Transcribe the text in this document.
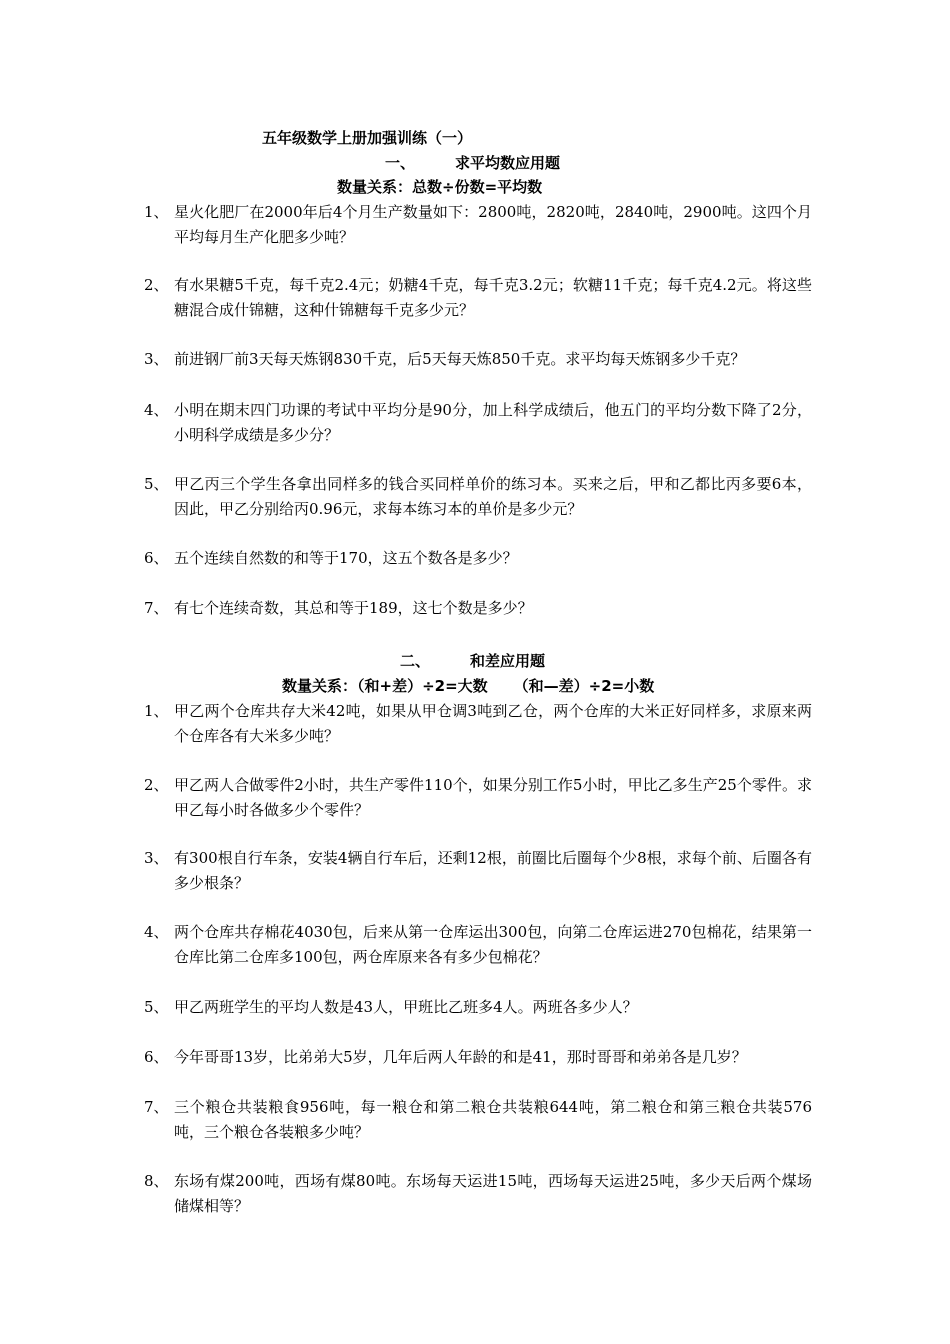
五年级数学上册加强训练（一）
一、	求平均数应用题
数量关系：总数÷份数=平均数
1、 星火化肥厂在2000年后4个月生产数量如下：2800吨，2820吨，2840吨，2900吨。这四个月平均每月生产化肥多少吨？
2、 有水果糖5千克，每千克2.4元；奶糖4千克，每千克3.2元；软糖11千克；每千克4.2元。将这些糖混合成什锦糖，这种什锦糖每千克多少元？
3、 前进钢厂前3天每天炼钢830千克，后5天每天炼850千克。求平均每天炼钢多少千克？
4、 小明在期末四门功课的考试中平均分是90分，加上科学成绩后，他五门的平均分数下降了2分，小明科学成绩是多少分？
5、 甲乙丙三个学生各拿出同样多的钱合买同样单价的练习本。买来之后，甲和乙都比丙多要6本，因此，甲乙分别给丙0.96元，求每本练习本的单价是多少元？
6、 五个连续自然数的和等于170，这五个数各是多少？
7、 有七个连续奇数，其总和等于189，这七个数是多少？
二、	和差应用题
数量关系：（和+差）÷2=大数 （和—差）÷2=小数
1、 甲乙两个仓库共存大米42吨，如果从甲仓调3吨到乙仓，两个仓库的大米正好同样多，求原来两个仓库各有大米多少吨？
2、 甲乙两人合做零件2小时，共生产零件110个，如果分别工作5小时，甲比乙多生产25个零件。求甲乙每小时各做多少个零件？
3、 有300根自行车条，安装4辆自行车后，还剩12根，前圈比后圈每个少8根，求每个前、后圈各有多少根条？
4、 两个仓库共存棉花4030包，后来从第一仓库运出300包，向第二仓库运进270包棉花，结果第一仓库比第二仓库多100包，两仓库原来各有多少包棉花？
5、 甲乙两班学生的平均人数是43人，甲班比乙班多4人。两班各多少人？
6、 今年哥哥13岁，比弟弟大5岁，几年后两人年龄的和是41，那时哥哥和弟弟各是几岁？
7、 三个粮仓共装粮食956吨，每一粮仓和第二粮仓共装粮644吨，第二粮仓和第三粮仓共装576吨，三个粮仓各装粮多少吨？
8、 东场有煤200吨，西场有煤80吨。东场每天运进15吨，西场每天运进25吨，多少天后两个煤场储煤相等？
